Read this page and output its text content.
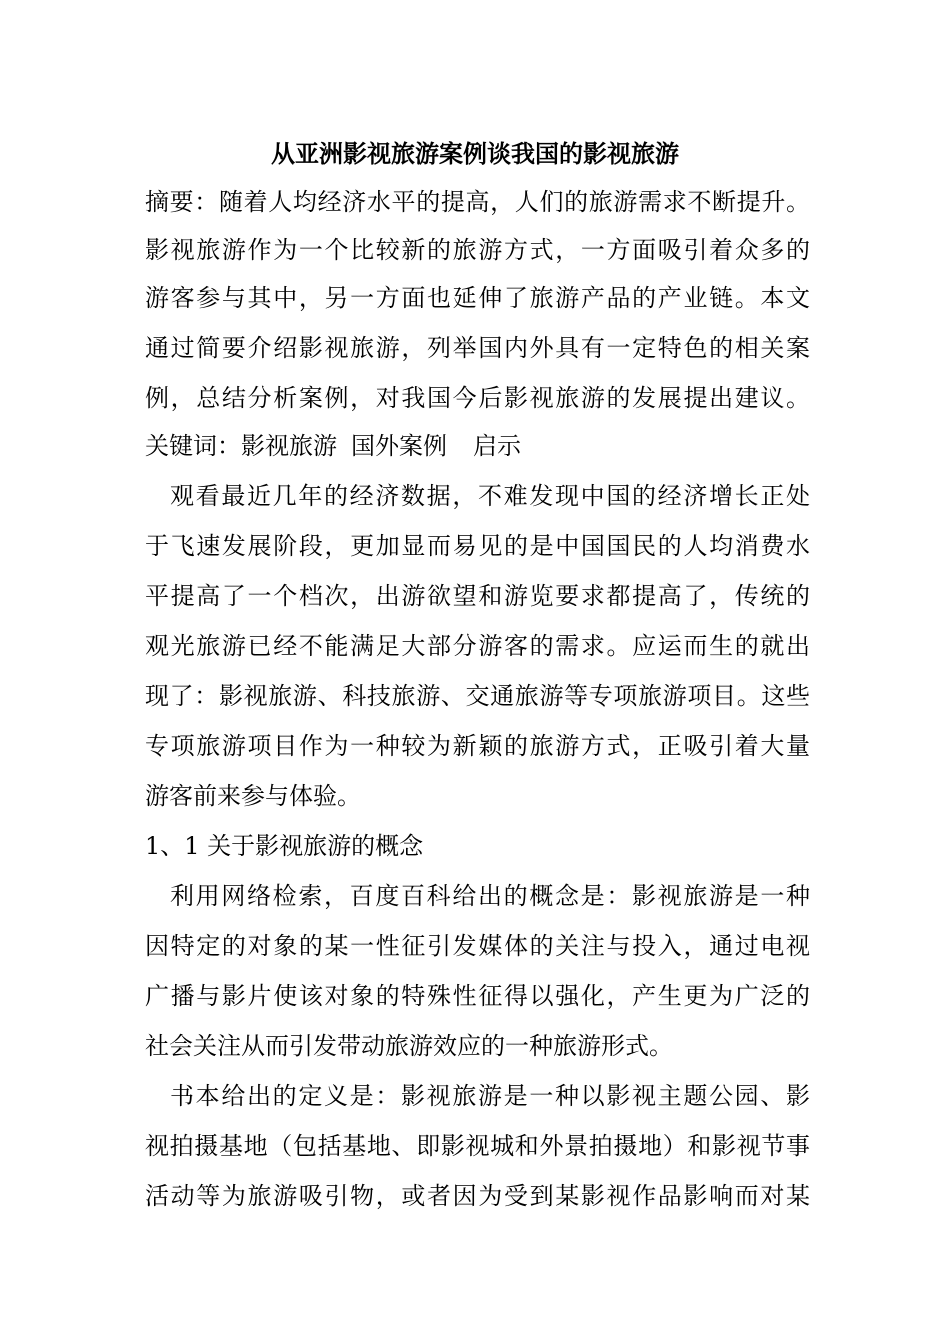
从亚洲影视旅游案例谈我国的影视旅游
摘要：随着人均经济水平的提高，人们的旅游需求不断提升。
影视旅游作为一个比较新的旅游方式，一方面吸引着众多的
游客参与其中，另一方面也延伸了旅游产品的产业链。本文
通过简要介绍影视旅游，列举国内外具有一定特色的相关案
例，总结分析案例，对我国今后影视旅游的发展提出建议。
关键词：影视旅游 国外案例 启示
观看最近几年的经济数据，不难发现中国的经济增长正处
于飞速发展阶段，更加显而易见的是中国国民的人均消费水
平提高了一个档次，出游欲望和游览要求都提高了，传统的
观光旅游已经不能满足大部分游客的需求。应运而生的就出
现了：影视旅游、科技旅游、交通旅游等专项旅游项目。这些
专项旅游项目作为一种较为新颖的旅游方式，正吸引着大量
游客前来参与体验。
1、1 关于影视旅游的概念
利用网络检索，百度百科给出的概念是：影视旅游是一种
因特定的对象的某一性征引发媒体的关注与投入，通过电视
广播与影片使该对象的特殊性征得以强化，产生更为广泛的
社会关注从而引发带动旅游效应的一种旅游形式。
书本给出的定义是：影视旅游是一种以影视主题公园、影
视拍摄基地（包括基地、即影视城和外景拍摄地）和影视节事
活动等为旅游吸引物，或者因为受到某影视作品影响而对某
